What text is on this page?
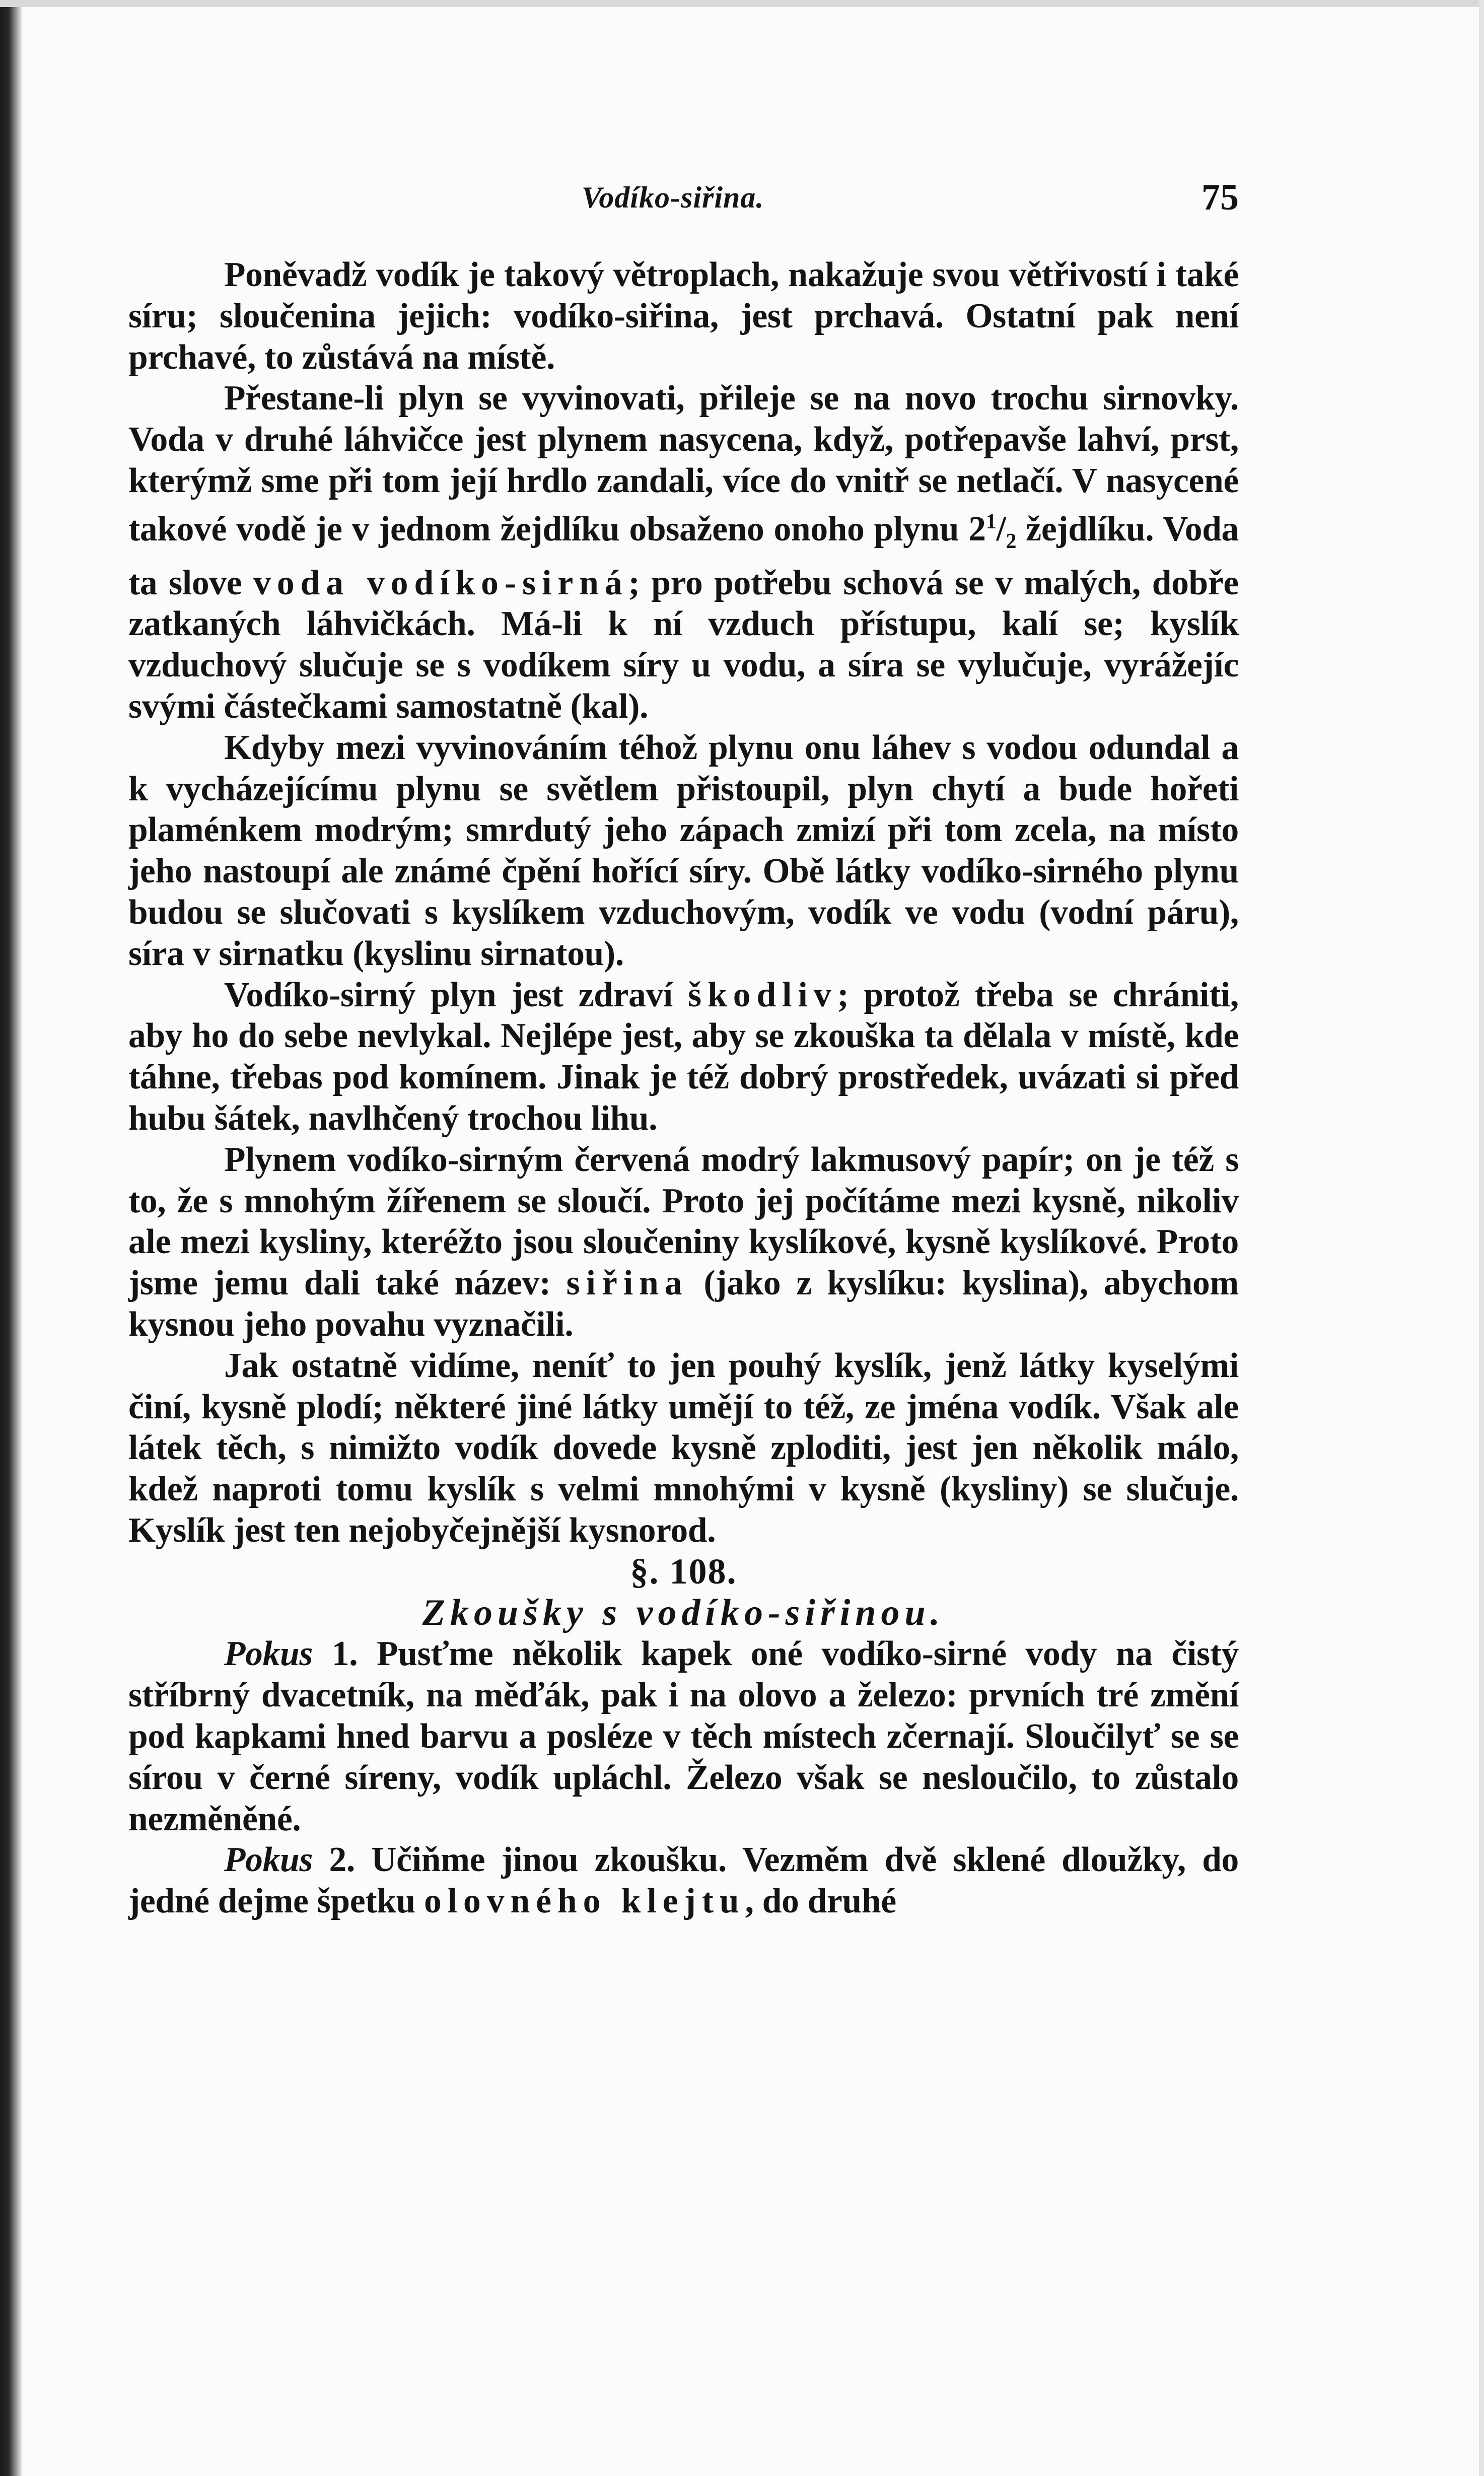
Vodíko-siřina.	75

Poněvadž vodík je takový větroplach, nakažuje svou větřivostí i také síru; sloučenina jejich: vodíko-siřina, jest prchavá. Ostatní pak není prchavé, to zůstává na místě.

Přestane-li plyn se vyvinovati, přileje se na novo trochu sirnovky. Voda v druhé láhvičce jest plynem nasycena, když, potřepavše lahví, prst, kterýmž sme při tom její hrdlo zandali, více do vnitř se netlačí. V nasycené takové vodě je v jednom žejdlíku obsaženo onoho plynu $2^1/_2$ žejdlíku. Voda ta slove voda vodíko-sirná; pro potřebu schová se v malých, dobře zatkaných láhvičkách. Má-li k ní vzduch přístupu, kalí se; kyslík vzduchový slučuje se s vodíkem síry u vodu, a síra se vylučuje, vyrážejíc svými částečkami samostatně (kal).

Kdyby mezi vyvinováním téhož plynu onu láhev s vodou odundal a k vycházejícímu plynu se světlem přistoupil, plyn chytí a bude hořeti plaménkem modrým; smrdutý jeho zápach zmizí při tom zcela, na místo jeho nastoupí ale známé čpění hořící síry. Obě látky vodíko-sirného plynu budou se slučovati s kyslíkem vzduchovým, vodík ve vodu (vodní páru), síra v sirnatku (kyslinu sirnatou).

Vodíko-sirný plyn jest zdraví škodliv; protož třeba se chrániti, aby ho do sebe nevlykal. Nejlépe jest, aby se zkouška ta dělala v místě, kde táhne, třebas pod komínem. Jinak je též dobrý prostředek, uvázati si před hubu šátek, navlhčený trochou lihu.

Plynem vodíko-sirným červená modrý lakmusový papír; on je též s to, že s mnohým žířenem se sloučí. Proto jej počítáme mezi kysně, nikoliv ale mezi kysliny, kteréžto jsou sloučeniny kyslíkové, kysně kyslíkové. Proto jsme jemu dali také název: siřina (jako z kyslíku: kyslina), abychom kysnou jeho povahu vyznačili.

Jak ostatně vidíme, neníť to jen pouhý kyslík, jenž látky kyselými činí, kysně plodí; některé jiné látky umějí to též, ze jména vodík. Však ale látek těch, s nimižto vodík dovede kysně zploditi, jest jen několik málo, kdež naproti tomu kyslík s velmi mnohými v kysně (kysliny) se slučuje. Kyslík jest ten nejobyčejnější kysnorod.

§. 108.

Zkoušky s vodíko-siřinou.

Pokus 1. Pusťme několik kapek oné vodíko-sirné vody na čistý stříbrný dvacetník, na měďák, pak i na olovo a železo: prvních tré změní pod kapkami hned barvu a posléze v těch místech zčernají. Sloučilyť se se sírou v černé síreny, vodík upláchl. Železo však se nesloučilo, to zůstalo nezměněné.

Pokus 2. Učiňme jinou zkoušku. Vezměm dvě sklené dloužky, do jedné dejme špetku olovného klejtu, do druhé
